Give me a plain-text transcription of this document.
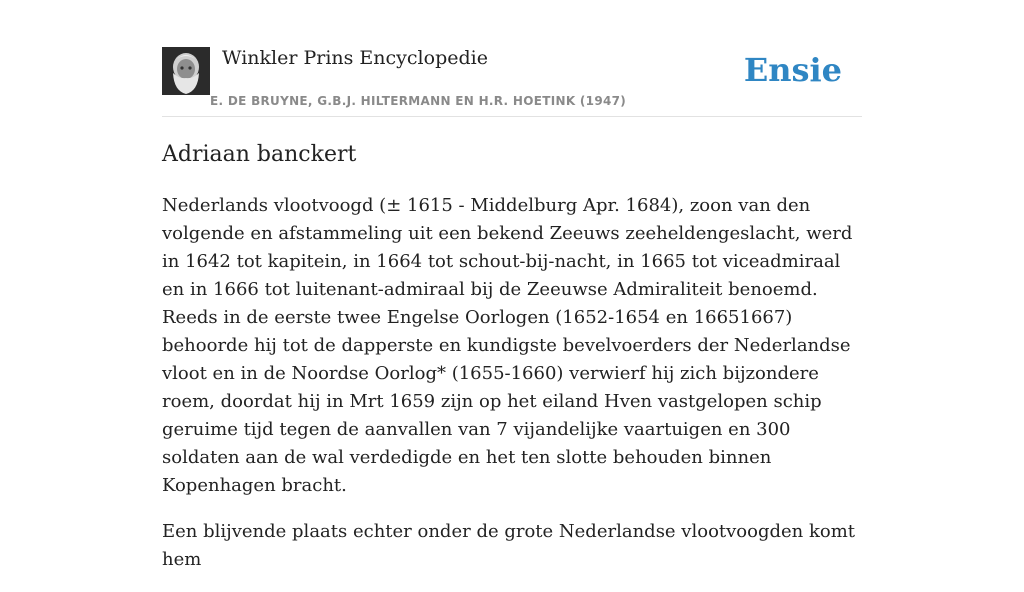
Winkler Prins Encyclopedie
E. DE BRUYNE, G.B.J. HILTERMANN EN H.R. HOETINK (1947)
Ensie
Adriaan banckert

Nederlands vlootvoogd (± 1615 - Middelburg Apr. 1684), zoon van den volgende en afstammeling uit een bekend Zeeuws zeeheldengeslacht, werd in 1642 tot kapitein, in 1664 tot schout-bij-nacht, in 1665 tot viceadmiraal en in 1666 tot luitenant-admiraal bij de Zeeuwse Admiraliteit benoemd. Reeds in de eerste twee Engelse Oorlogen (1652-1654 en 16651667) behoorde hij tot de dapperste en kundigste bevelvoerders der Nederlandse vloot en in de Noordse Oorlog* (1655-1660) verwierf hij zich bijzondere roem, doordat hij in Mrt 1659 zijn op het eiland Hven vastgelopen schip geruime tijd tegen de aanvallen van 7 vijandelijke vaartuigen en 300 soldaten aan de wal verdedigde en het ten slotte behouden binnen Kopenhagen bracht.

Een blijvende plaats echter onder de grote Nederlandse vlootvoogden komt hem
